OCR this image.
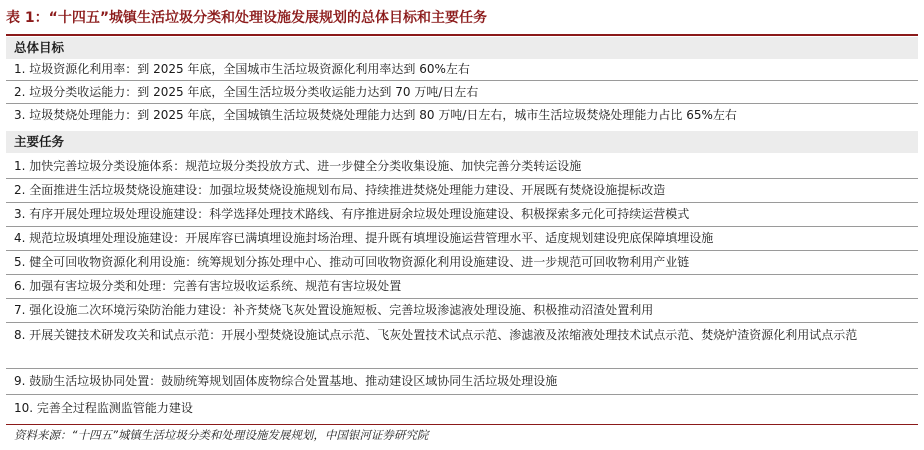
表 1：“十四五”城镇生活垃圾分类和处理设施发展规划的总体目标和主要任务
总体目标
1. 垃圾资源化利用率：到 2025 年底，全国城市生活垃圾资源化利用率达到 60%左右
2. 垃圾分类收运能力：到 2025 年底，全国生活垃圾分类收运能力达到 70 万吨/日左右
3. 垃圾焚烧处理能力：到 2025 年底，全国城镇生活垃圾焚烧处理能力达到 80 万吨/日左右，城市生活垃圾焚烧处理能力占比 65%左右
主要任务
1. 加快完善垃圾分类设施体系：规范垃圾分类投放方式、进一步健全分类收集设施、加快完善分类转运设施
2. 全面推进生活垃圾焚烧设施建设：加强垃圾焚烧设施规划布局、持续推进焚烧处理能力建设、开展既有焚烧设施提标改造
3. 有序开展处理垃圾处理设施建设：科学选择处理技术路线、有序推进厨余垃圾处理设施建设、积极探索多元化可持续运营模式
4. 规范垃圾填埋处理设施建设：开展库容已满填埋设施封场治理、提升既有填埋设施运营管理水平、适度规划建设兜底保障填埋设施
5. 健全可回收物资源化利用设施：统筹规划分拣处理中心、推动可回收物资源化利用设施建设、进一步规范可回收物利用产业链
6. 加强有害垃圾分类和处理：完善有害垃圾收运系统、规范有害垃圾处置
7. 强化设施二次环境污染防治能力建设：补齐焚烧飞灰处置设施短板、完善垃圾渗滤液处理设施、积极推动沼渣处置利用
8. 开展关键技术研发攻关和试点示范：开展小型焚烧设施试点示范、飞灰处置技术试点示范、渗滤液及浓缩液处理技术试点示范、焚烧炉渣资源化利用试点示范
9. 鼓励生活垃圾协同处置：鼓励统筹规划固体废物综合处置基地、推动建设区域协同生活垃圾处理设施
10. 完善全过程监测监管能力建设
资料来源：“十四五”城镇生活垃圾分类和处理设施发展规划，中国银河证券研究院
